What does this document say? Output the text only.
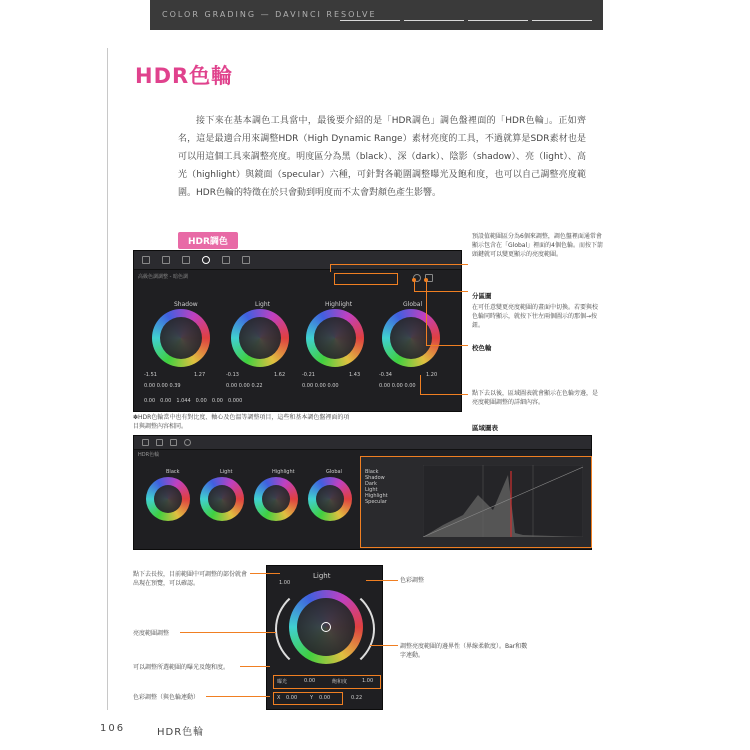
COLOR GRADING — DAVINCI RESOLVE
HDR色輪

接下來在基本調色工具當中，最後要介紹的是「HDR調色」調色盤裡面的「HDR色輪」。正如齊名，這是最適合用來調整HDR（High Dynamic Range）素材亮度的工具，不過就算是SDR素材也是可以用這個工具來調整亮度。明度區分為黑（black）、深（dark）、陰影（shadow）、亮（light）、高光（highlight）與鏡面（specular）六種，可針對各範圍調整曝光及飽和度，也可以自己調整亮度範圍。HDR色輪的特徵在於只會動到明度而不太會對顏色產生影響。

HDR調色
高級色調調整 - 暗色調
Shadow	Light	Highlight	Global
-1.51	1.27	-0.13	1.62	-0.21	1.43	-0.34	1.20
0.00 0.00 0.39	0.00 0.00 0.22	0.00 0.00 0.00	0.00 0.00 0.00
0.00　 0.00　 1.044　 0.00　 0.00　 0.000
✽HDR色輪當中也有對比度、軸心及色溫等調整項目，這些和基本調色盤裡面的項目與調整內容相同。
預設值範圍區分為6個來調整，調色盤裡面通常會顯示包含在「Global」裡面的4個色輪。而按下箭頭鍵就可以變更顯示的亮度範圍。
分區圖
在可任意變更亮度範圍的畫面中切換。若要與校色輪同時顯示，就按下往左兩個圖示的那個→按鈕。
校色輪
點下去以後，區域圖表就會顯示在色輪旁邊，是亮度範圍調整的詳細內容。
區域圖表
HDR色輪
Black	Light	Highlight	Global	Black
Shadow
Dark
Light
Highlight
Specular
Light
1.00
曝光	0.00	飽和度	1.00
X 0.00	Y 0.00	0.22
點下去長按，目前範圍中可調整的部份就會出現在預覽，可以確認。	色彩調整
亮度範圍調整
調整亮度範圍的邊界性（界線柔軟度）。Bar和數字連動。
可以調整所選範圍的曝光及飽和度。
色彩調整（與色輪連動）
106	HDR色輪
